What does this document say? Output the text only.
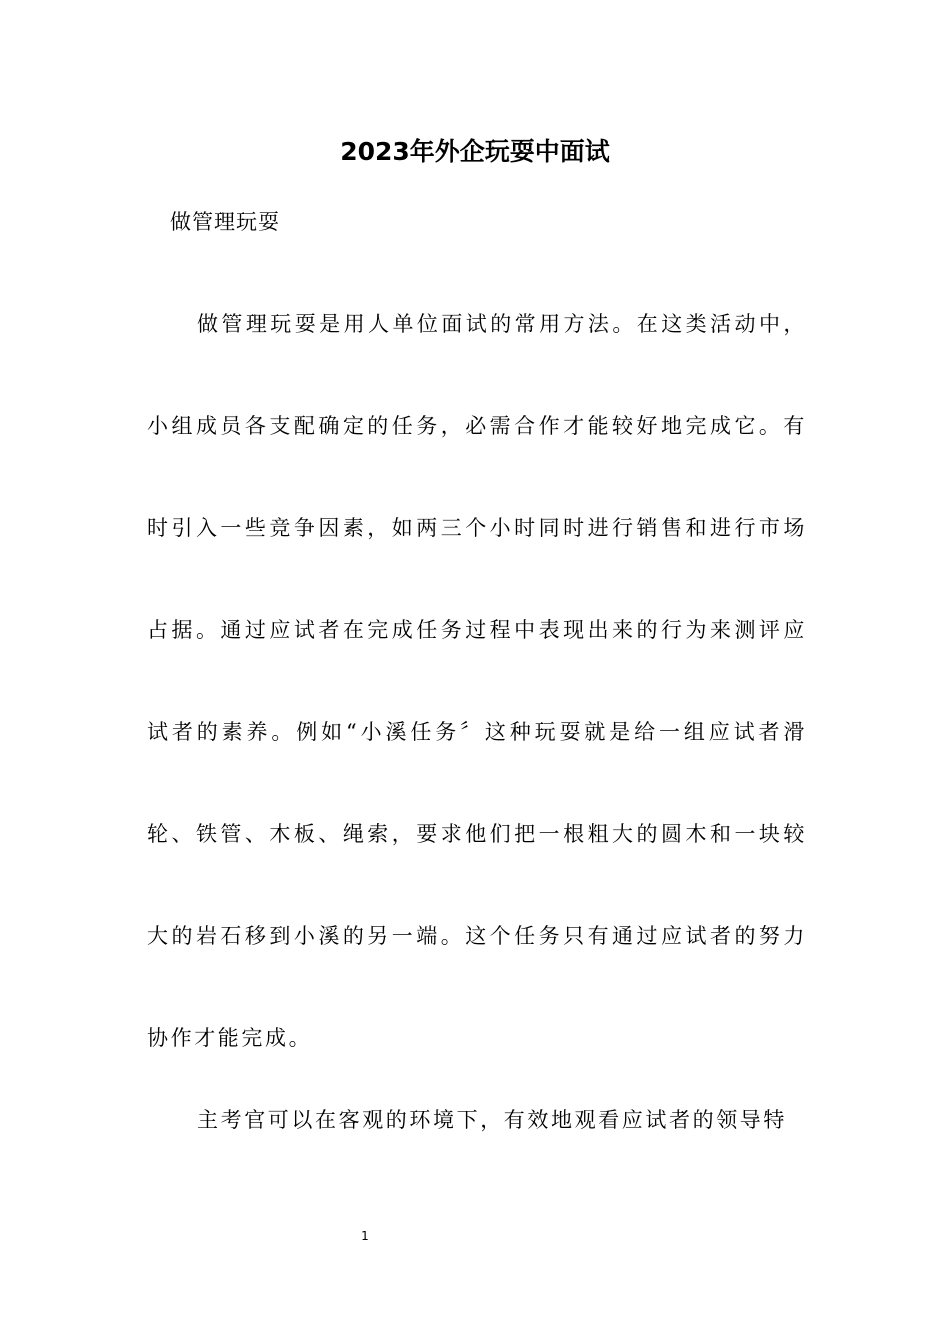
2023年外企玩耍中面试

做管理玩耍

做管理玩耍是用人单位面试的常用方法。在这类活动中，小组成员各支配确定的任务，必需合作才能较好地完成它。有时引入一些竞争因素，如两三个小时同时进行销售和进行市场占据。通过应试者在完成任务过程中表现出来的行为来测评应试者的素养。例如“小溪任务〞这种玩耍就是给一组应试者滑轮、铁管、木板、绳索，要求他们把一根粗大的圆木和一块较大的岩石移到小溪的另一端。这个任务只有通过应试者的努力协作才能完成。

主考官可以在客观的环境下，有效地观看应试者的领导特

1
